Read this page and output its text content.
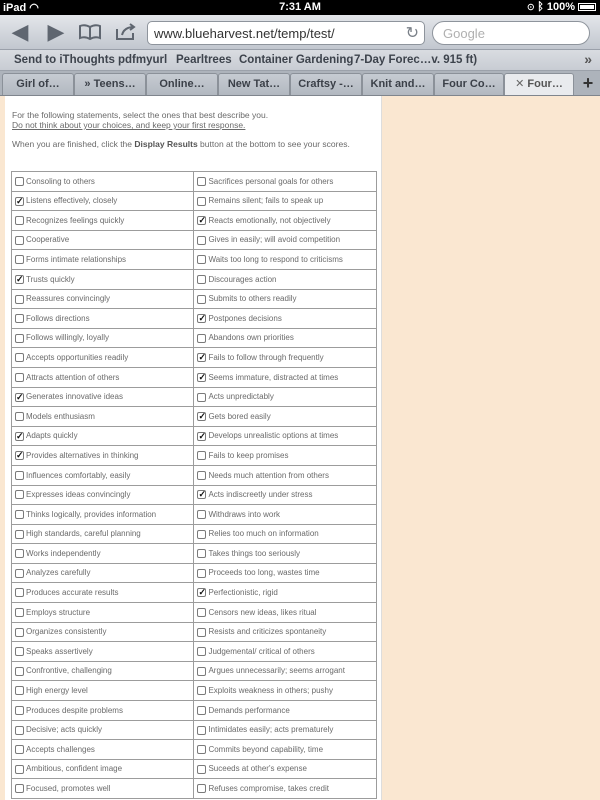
iPad ◠	7:31 AM	⊙ ᛒ 100%
◀ ▶	www.blueharvest.net/temp/test/	↻	Google
Send to iThoughts pdfmyurl Pearltrees Container Gardening 7-Day Forec…v. 915 ft)	»
Girl of…	» Teens…	Online…	New Tat…	Craftsy -…	Knit and…	Four Co…	✕ Four…	+

For the following statements, select the ones that best describe you.
Do not think about your choices, and keep your first response.

When you are finished, click the Display Results button at the bottom to see your scores.

Consoling to others	Sacrifices personal goals for others
✓Listens effectively, closely	Remains silent; fails to speak up
Recognizes feelings quickly	✓Reacts emotionally, not objectively
Cooperative	Gives in easily; will avoid competition
Forms intimate relationships	Waits too long to respond to criticisms
✓Trusts quickly	Discourages action
Reassures convincingly	Submits to others readily
Follows directions	✓Postpones decisions
Follows willingly, loyally	Abandons own priorities
Accepts opportunities readily	✓Fails to follow through frequently
Attracts attention of others	✓Seems immature, distracted at times
✓Generates innovative ideas	Acts unpredictably
Models enthusiasm	✓Gets bored easily
✓Adapts quickly	✓Develops unrealistic options at times
✓Provides alternatives in thinking	Fails to keep promises
Influences comfortably, easily	Needs much attention from others
Expresses ideas convincingly	✓Acts indiscreetly under stress
Thinks logically, provides information	Withdraws into work
High standards, careful planning	Relies too much on information
Works independently	Takes things too seriously
Analyzes carefully	Proceeds too long, wastes time
Produces accurate results	✓Perfectionistic, rigid
Employs structure	Censors new ideas, likes ritual
Organizes consistently	Resists and criticizes spontaneity
Speaks assertively	Judgemental/ critical of others
Confrontive, challenging	Argues unnecessarily; seems arrogant
High energy level	Exploits weakness in others; pushy
Produces despite problems	Demands performance
Decisive; acts quickly	Intimidates easily; acts prematurely
Accepts challenges	Commits beyond capability, time
Ambitious, confident image	Suceeds at other's expense
Focused, promotes well	Refuses compromise, takes credit
